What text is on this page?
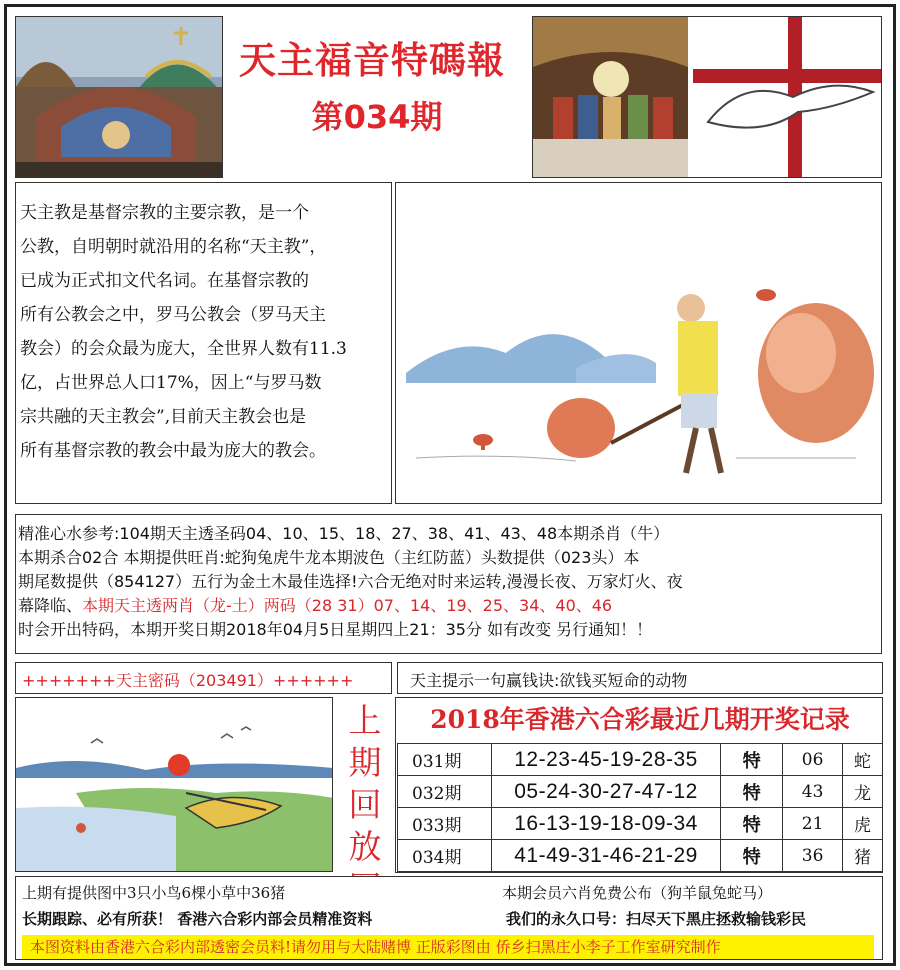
天主福音特碼報
第034期
天主教是基督宗教的主要宗教，是一个
公教，自明朝时就沿用的名称“天主教”，
已成为正式扣文代名词。在基督宗教的
所有公教会之中，罗马公教会（罗马天主
教会）的会众最为庞大，全世界人数有11.3
亿，占世界总人口17%，因上“与罗马数
宗共融的天主教会”,目前天主教会也是
所有基督宗教的教会中最为庞大的教会。
精准心水参考:104期天主透圣码04、10、15、18、27、38、41、43、48本期杀肖（牛）
本期杀合02合 本期提供旺肖:蛇狗兔虎牛龙本期波色（主红防蓝）头数提供（023头）本
期尾数提供（854127）五行为金土木最佳选择!六合无绝对时来运转,漫漫长夜、万家灯火、夜
幕降临、本期天主透两肖（龙-土）两码（28 31）07、14、19、25、34、40、46
时会开出特码，本期开奖日期2018年04月5日星期四上21：35分 如有改变 另行通知！！
+++++++天主密码（203491）++++++	天主提示一句赢钱诀:欲钱买短命的动物
上期回放
2018年香港六合彩最近几期开奖记录
031期	12-23-45-19-28-35	特	06	蛇
032期	05-24-30-27-47-12	特	43	龙
033期	16-13-19-18-09-34	特	21	虎
034期	41-49-31-46-21-29	特	36	猪
上期有提供图中3只小鸟6棵小草中36猪	本期会员六肖免费公布（狗羊鼠兔蛇马）
长期跟踪、必有所获！ 香港六合彩内部会员精准资料	我们的永久口号：扫尽天下黑庄拯救输钱彩民
本图资料由香港六合彩内部透密会员料!请勿用与大陆赌博 正版彩图由 侨乡扫黑庄小李子工作室研究制作
